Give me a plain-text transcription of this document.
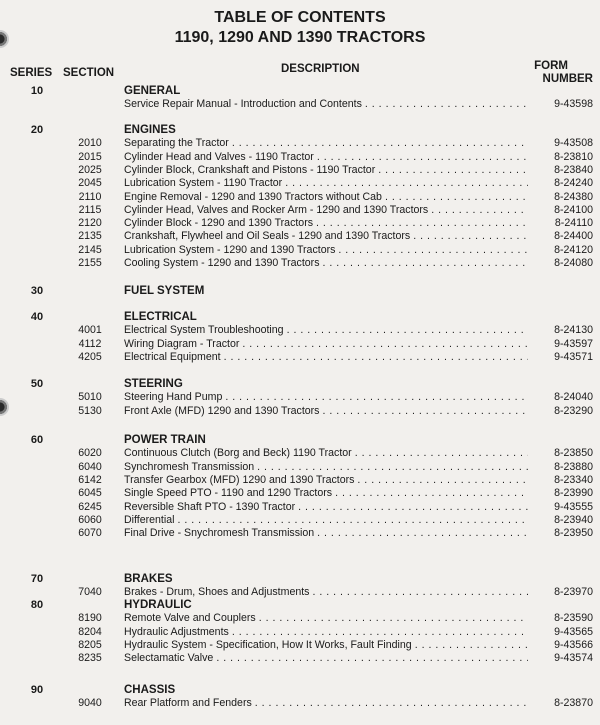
TABLE OF CONTENTS
1190, 1290 AND 1390 TRACTORS
SERIES SECTION	DESCRIPTION	FORM
NUMBER
10	GENERAL
Service Repair Manual - Introduction and Contents . . .	9-43598
20	ENGINES
2010	Separating the Tractor . . .	9-43508
2015	Cylinder Head and Valves - 1190 Tractor . . .	8-23810
2025	Cylinder Block, Crankshaft and Pistons - 1190 Tractor . . .	8-23840
2045	Lubrication System - 1190 Tractor . . .	8-24240
2110	Engine Removal - 1290 and 1390 Tractors without Cab . . .	8-24380
2115	Cylinder Head, Valves and Rocker Arm - 1290 and 1390 Tractors . . .	8-24100
2120	Cylinder Block - 1290 and 1390 Tractors . . .	8-24110
2135	Crankshaft, Flywheel and Oil Seals - 1290 and 1390 Tractors . . .	8-24400
2145	Lubrication System - 1290 and 1390 Tractors . . .	8-24120
2155	Cooling System - 1290 and 1390 Tractors . . .	8-24080
30	FUEL SYSTEM
40	ELECTRICAL
4001	Electrical System Troubleshooting . . .	8-24130
4112	Wiring Diagram - Tractor . . .	9-43597
4205	Electrical Equipment . . .	9-43571
50	STEERING
5010	Steering Hand Pump . . .	8-24040
5130	Front Axle (MFD) 1290 and 1390 Tractors . . .	8-23290
60	POWER TRAIN
6020	Continuous Clutch (Borg and Beck) 1190 Tractor . . .	8-23850
6040	Synchromesh Transmission . . .	8-23880
6142	Transfer Gearbox (MFD) 1290 and 1390 Tractors . . .	8-23340
6045	Single Speed PTO - 1190 and 1290 Tractors . . .	8-23990
6245	Reversible Shaft PTO - 1390 Tractor . . .	9-43555
6060	Differential . . .	8-23940
6070	Final Drive - Snychromesh Transmission . . .	8-23950
70	BRAKES
7040	Brakes - Drum, Shoes and Adjustments . . .	8-23970
80	HYDRAULIC
8190	Remote Valve and Couplers . . .	8-23590
8204	Hydraulic Adjustments . . .	9-43565
8205	Hydraulic System - Specification, How It Works, Fault Finding . . .	9-43566
8235	Selectamatic Valve . . .	9-43574
90	CHASSIS
9040	Rear Platform and Fenders . . .	8-23870
